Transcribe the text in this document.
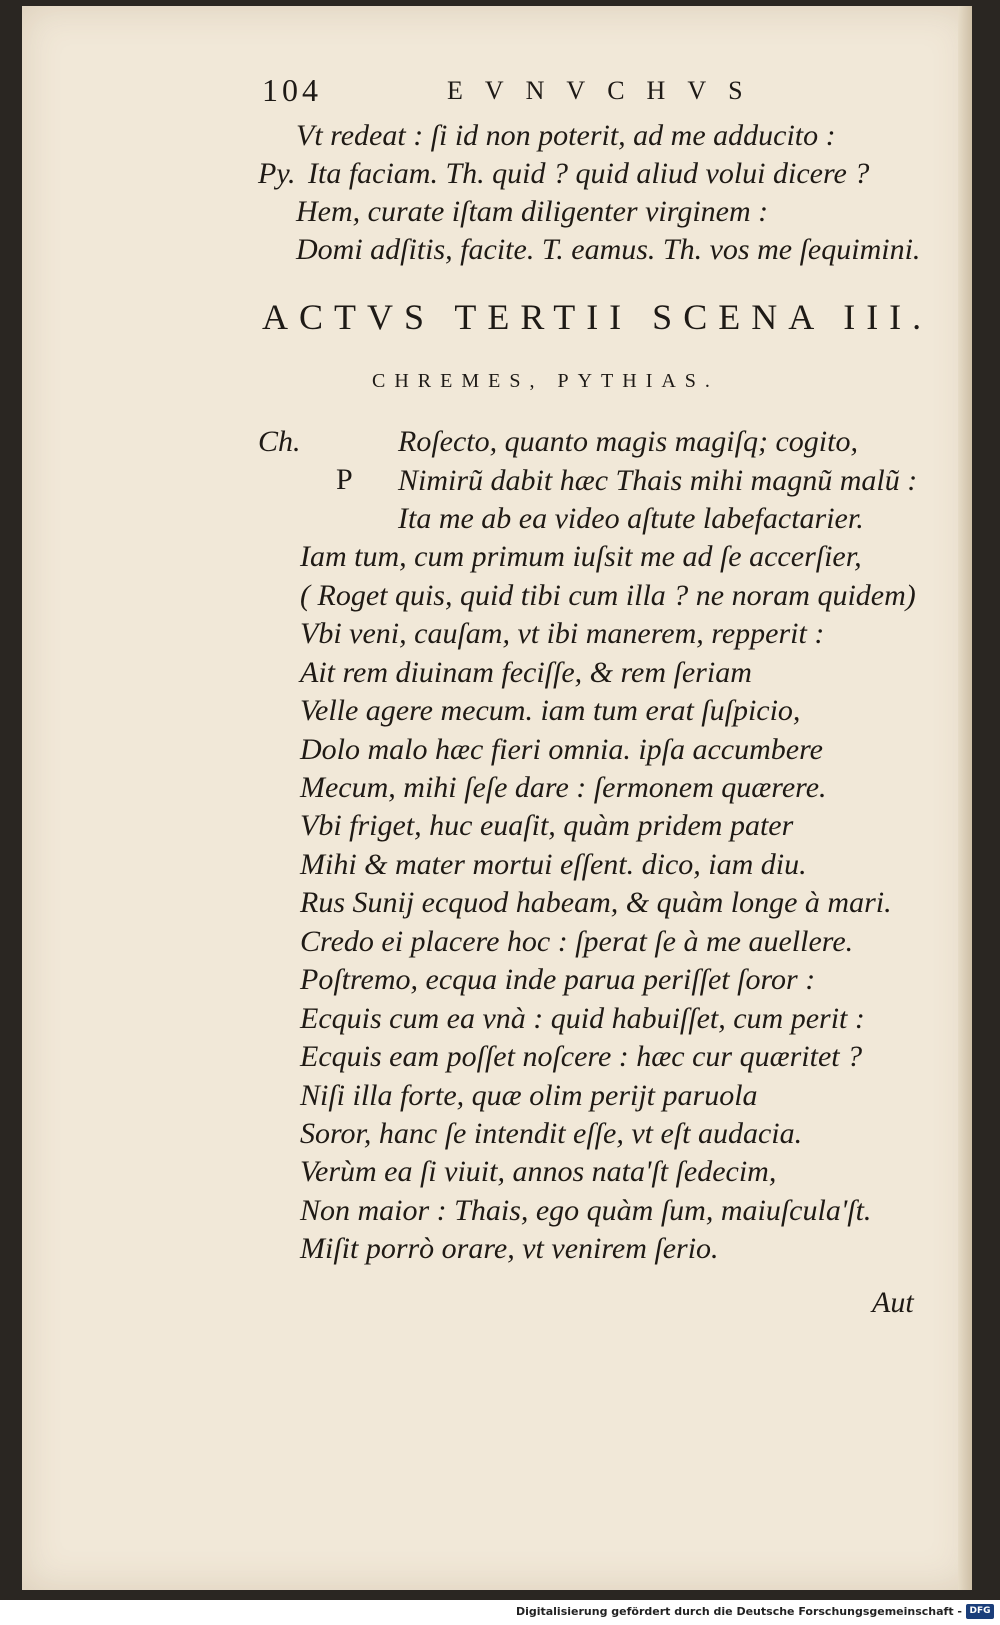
104	EVNVCHVS
Vt redeat : ſi id non poterit, ad me adducito :
Py. Ita faciam. Th. quid ? quid aliud volui dicere ?
Hem, curate iſtam diligenter virginem :
Domi adſitis, facite. T. eamus. Th. vos me ſequimini.
ACTVS TERTII SCENA III.
CHREMES, PYTHIAS.
P
Ch.	Roſecto, quanto magis magiſq; cogito,
Nimirũ dabit hæc Thais mihi magnũ malũ :
Ita me ab ea video aſtute labefactarier.
Iam tum, cum primum iuſsit me ad ſe accerſier,
( Roget quis, quid tibi cum illa ? ne noram quidem)
Vbi veni, cauſam, vt ibi manerem, repperit :
Ait rem diuinam feciſſe, & rem ſeriam
Velle agere mecum. iam tum erat ſuſpicio,
Dolo malo hæc fieri omnia. ipſa accumbere
Mecum, mihi ſeſe dare : ſermonem quærere.
Vbi friget, huc euaſit, quàm pridem pater
Mihi & mater mortui eſſent. dico, iam diu.
Rus Sunij ecquod habeam, & quàm longe à mari.
Credo ei placere hoc : ſperat ſe à me auellere.
Poſtremo, ecqua inde parua periſſet ſoror :
Ecquis cum ea vnà : quid habuiſſet, cum perit :
Ecquis eam poſſet noſcere : hæc cur quæritet ?
Niſi illa forte, quæ olim perijt paruola
Soror, hanc ſe intendit eſſe, vt eſt audacia.
Verùm ea ſi viuit, annos nata'ſt ſedecim,
Non maior : Thais, ego quàm ſum, maiuſcula'ſt.
Miſit porrò orare, vt venirem ſerio.
Aut
Digitalisierung gefördert durch die Deutsche Forschungsgemeinschaft - DFG
